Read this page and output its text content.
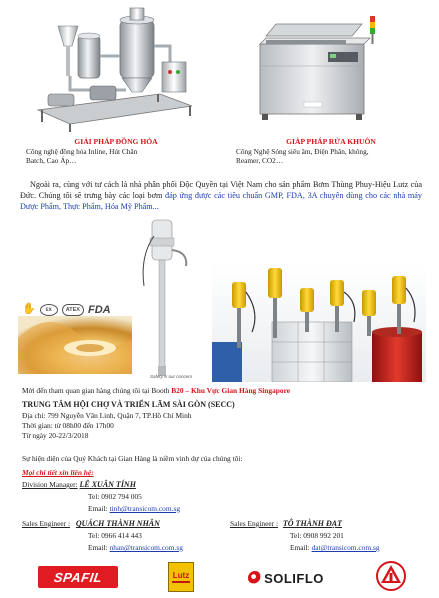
GIẢI PHÁP ĐỒNG HÓA
Công nghệ đồng hóa Inline, Hút Chân
Batch, Cao Áp…
GIẢP PHÁP RỬA KHUÔN
Công Nghệ Sóng siêu âm, Điện Phân, không,
Reamer, CO2…
Ngoài ra, cùng với tư cách là nhà phân phối Độc Quyền tại Việt Nam cho sản phẩm Bơm Thùng Phuy-Hiệu Lutz của Đức. Chúng tôi sẽ trưng bày các loại bơm đáp ứng được các tiêu chuẩn GMP, FDA, 3A chuyên dùng cho các nhà máy Dược Phẩm, Thực Phẩm, Hóa Mỹ Phẩm...
✋	εx	ATEX FDA
Safety is our concern
Mời đến tham quan gian hàng chúng tôi tại Booth B20 – Khu Vực Gian Hàng Singapore
TRUNG TÂM HỘI CHỢ VÀ TRIỂN LÃM SÀI GÒN (SECC)
Địa chỉ: 799 Nguyễn Văn Linh, Quận 7, TP.Hồ Chí Minh
Thời gian: từ 08h00 đến 17h00
Từ ngày 20-22/3/2018
Sự hiện diện của Quý Khách tại Gian Hàng là niềm vinh dự của chúng tôi:
Mọi chi tiết xin liên hệ:
Division Manager: LÊ XUÂN TÍNH
Tel: 0902 794 005
Email: tinh@transicom.com.sg
Sales Engineer : QUÁCH THÀNH NHÂN
Tel: 0966 414 443
Email: nhan@transicom.com.sg
Sales Engineer : TÔ THÀNH ĐẠT
Tel: 0908 992 201
Email: dat@transicom.com.sg
SPAFIL	Lutz	SOLIFLO
